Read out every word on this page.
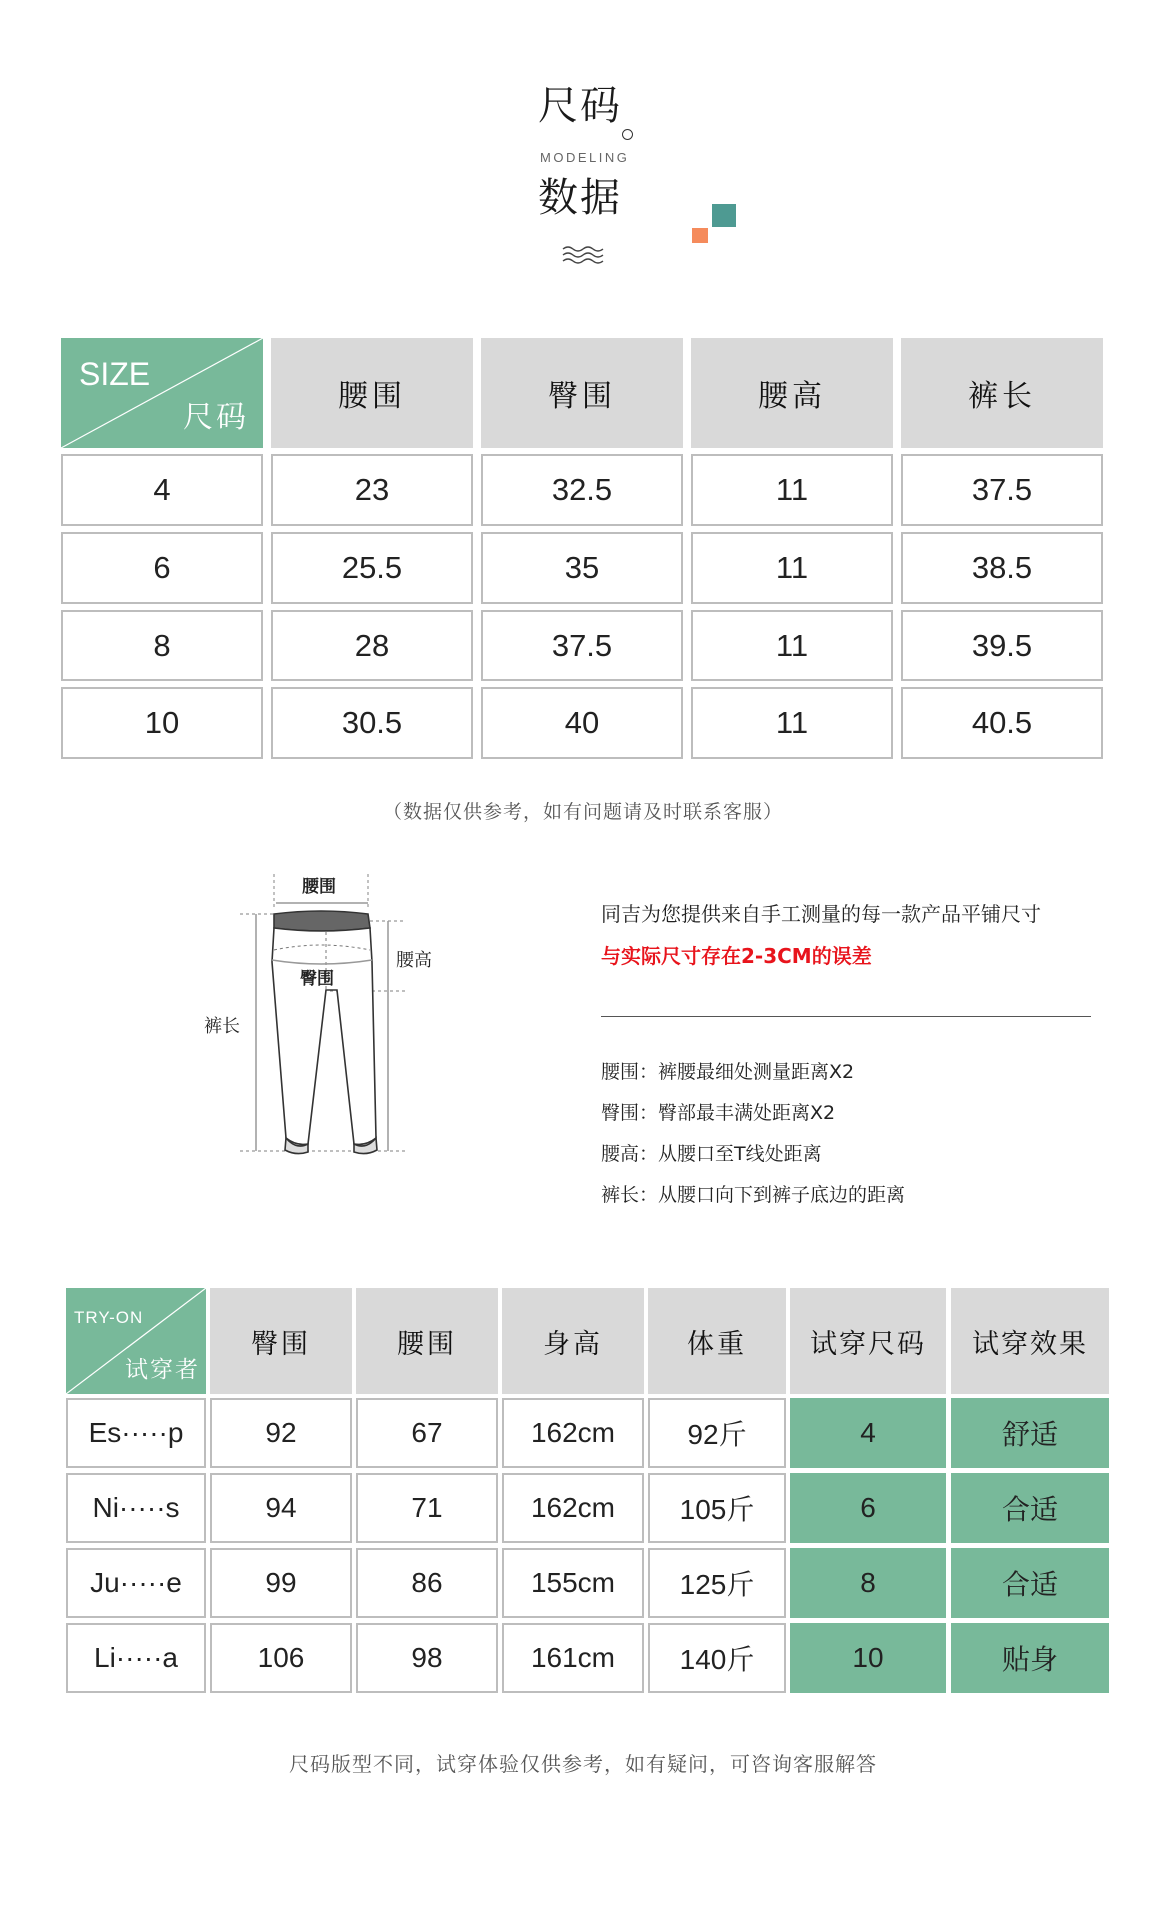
尺码
MODELING
数据
SIZE
尺码
腰围	臀围	腰高	裤长
4	23	32.5	11	37.5
6	25.5	35	11	38.5
8	28	37.5	11	39.5
10	30.5	40	11	40.5
（数据仅供参考，如有问题请及时联系客服）
腰围
臀围
腰高
裤长
同吉为您提供来自手工测量的每一款产品平铺尺寸
与实际尺寸存在2-3CM的误差
腰围：裤腰最细处测量距离X2
臀围：臀部最丰满处距离X2
腰高：从腰口至T线处距离
裤长：从腰口向下到裤子底边的距离
TRY-ON
试穿者
臀围	腰围	身高	体重	试穿尺码	试穿效果
Es·····p	92	67	162cm	92斤	4	舒适
Ni·····s	94	71	162cm	105斤	6	合适
Ju·····e	99	86	155cm	125斤	8	合适
Li·····a	106	98	161cm	140斤	10	贴身
尺码版型不同，试穿体验仅供参考，如有疑问，可咨询客服解答
